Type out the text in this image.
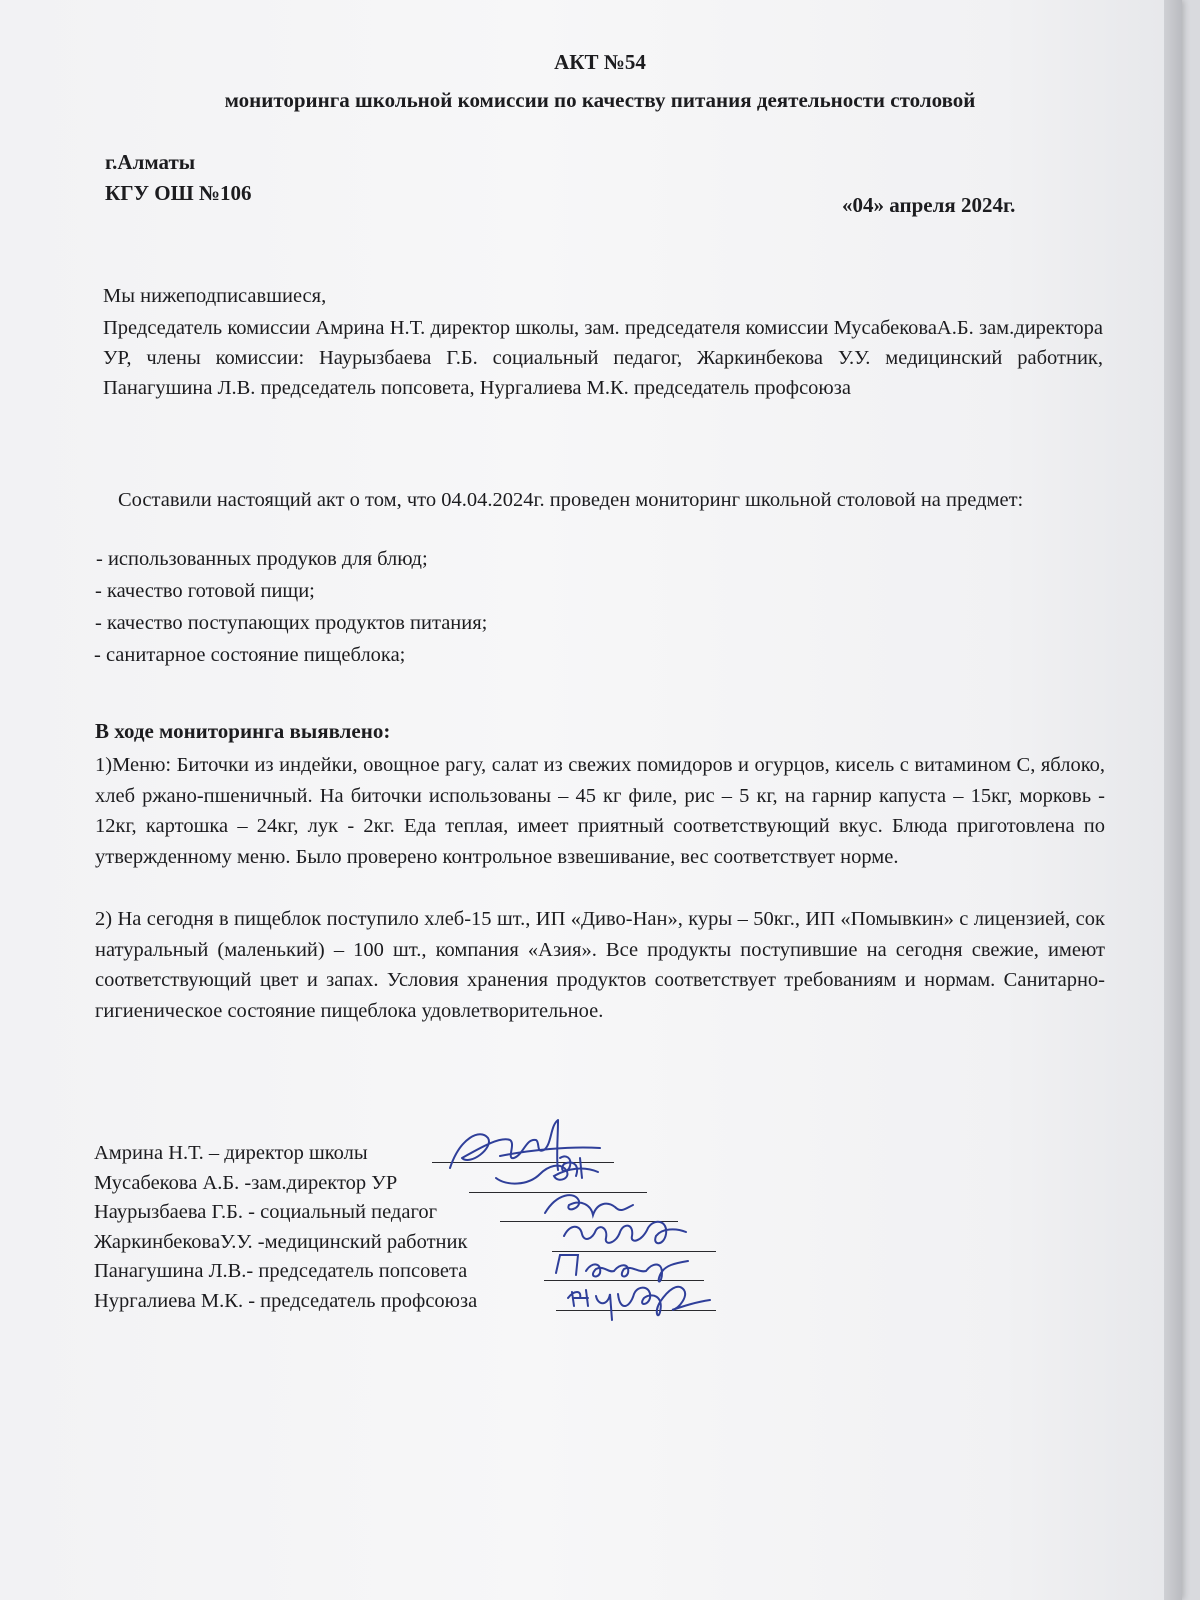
АКТ №54
мониторинга школьной комиссии по качеству питания деятельности столовой
г.Алматы
КГУ ОШ №106	«04» апреля 2024г.
Мы нижеподписавшиеся,
Председатель комиссии Амрина Н.Т. директор школы, зам. председателя комиссии МусабековаА.Б. зам.директора УР, члены комиссии: Наурызбаева Г.Б. социальный педагог, Жаркинбекова У.У. медицинский работник, Панагушина Л.В. председатель попсовета, Нургалиева М.К. председатель профсоюза
Составили настоящий акт о том, что 04.04.2024г. проведен мониторинг школьной столовой на предмет:
- использованных продуков для блюд;
- качество готовой пищи;
- качество поступающих продуктов питания;
- санитарное состояние пищеблока;
В ходе мониторинга выявлено:
1)Меню: Биточки из индейки, овощное рагу, салат из свежих помидоров и огурцов, кисель с витамином С, яблоко, хлеб ржано-пшеничный. На биточки использованы – 45 кг филе, рис – 5 кг, на гарнир капуста – 15кг, морковь - 12кг, картошка – 24кг, лук - 2кг. Еда теплая, имеет приятный соответствующий вкус. Блюда приготовлена по утвержденному меню. Было проверено контрольное взвешивание, вес соответствует норме.
2) На сегодня в пищеблок поступило хлеб-15 шт., ИП «Диво-Нан», куры – 50кг., ИП «Помывкин» с лицензией, сок натуральный (маленький) – 100 шт., компания «Азия». Все продукты поступившие на сегодня свежие, имеют соответствующий цвет и запах. Условия хранения продуктов соответствует требованиям и нормам. Санитарно-гигиеническое состояние пищеблока удовлетворительное.
Амрина Н.Т. – директор школы
Мусабекова А.Б. -зам.директор УР
Наурызбаева Г.Б. - социальный педагог
ЖаркинбековаУ.У. -медицинский работник
Панагушина Л.В.- председатель попсовета
Нургалиева М.К. - председатель профсоюза
